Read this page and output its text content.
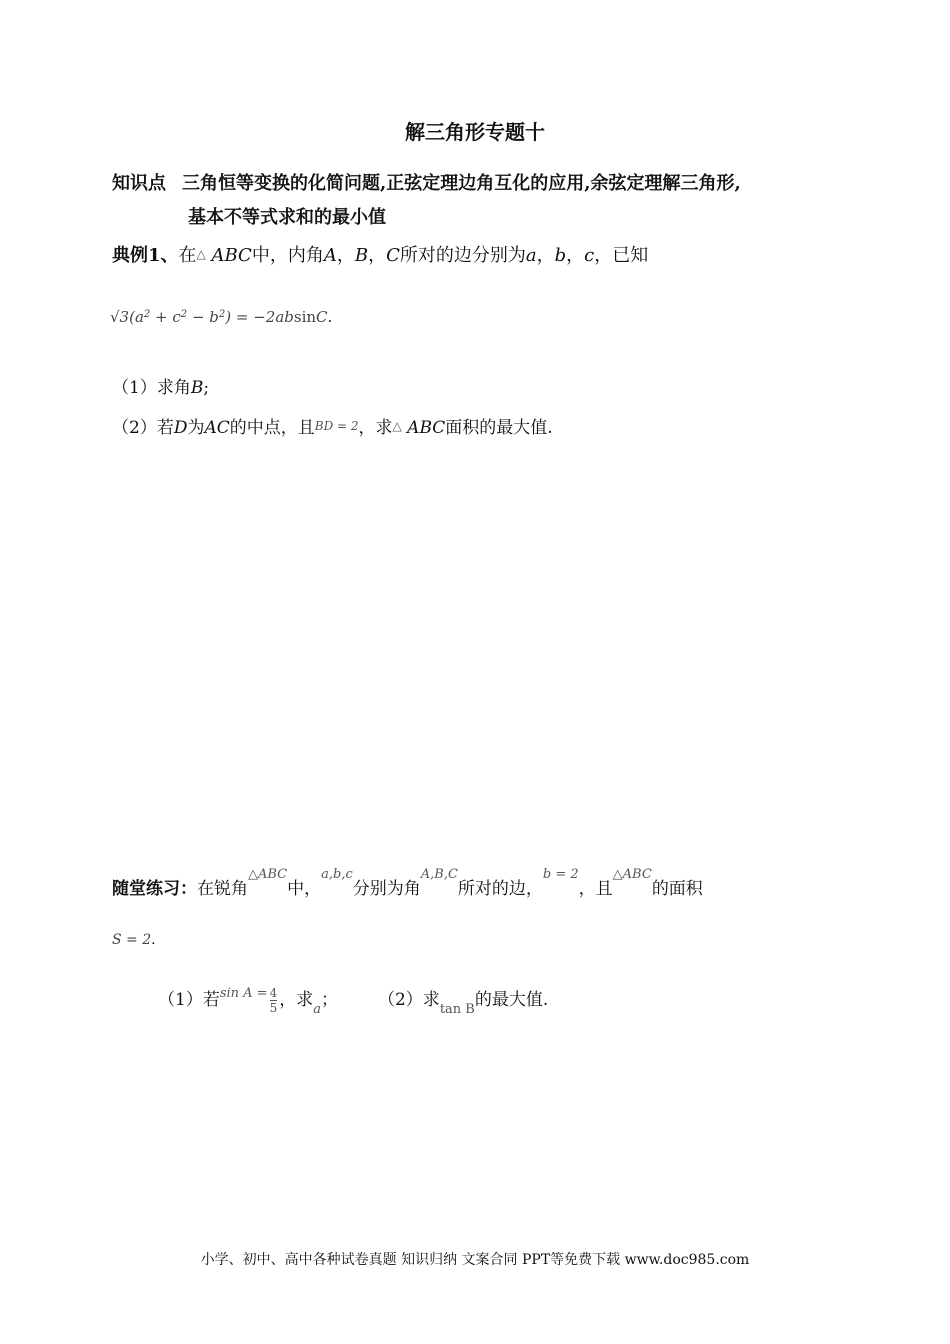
解三角形专题十
知识点 三角恒等变换的化简问题,正弦定理边角互化的应用,余弦定理解三角形,
基本不等式求和的最小值
典例1、在△ ABC中，内角A，B，C所对的边分别为a，b，c，已知
$√3(a^2 + c^2 - b^2) = -2absinC$.
（1）求角B;
（2）若D为AC的中点，且BD = 2，求△ ABC面积的最大值.
随堂练习：在锐角$^{\triangle ABC}$中，$^{a,b,c}$分别为角$^{A,B,C}$所对的边，$^{b = 2}$，且$^{\triangle ABC}$的面积
S = 2.
（1）若$^{sin A =} \frac{4}{5}$ ，求$_a$； （2）求$_{tan B}$的最大值.
小学、初中、高中各种试卷真题 知识归纳 文案合同 PPT等免费下载 www.doc985.com
